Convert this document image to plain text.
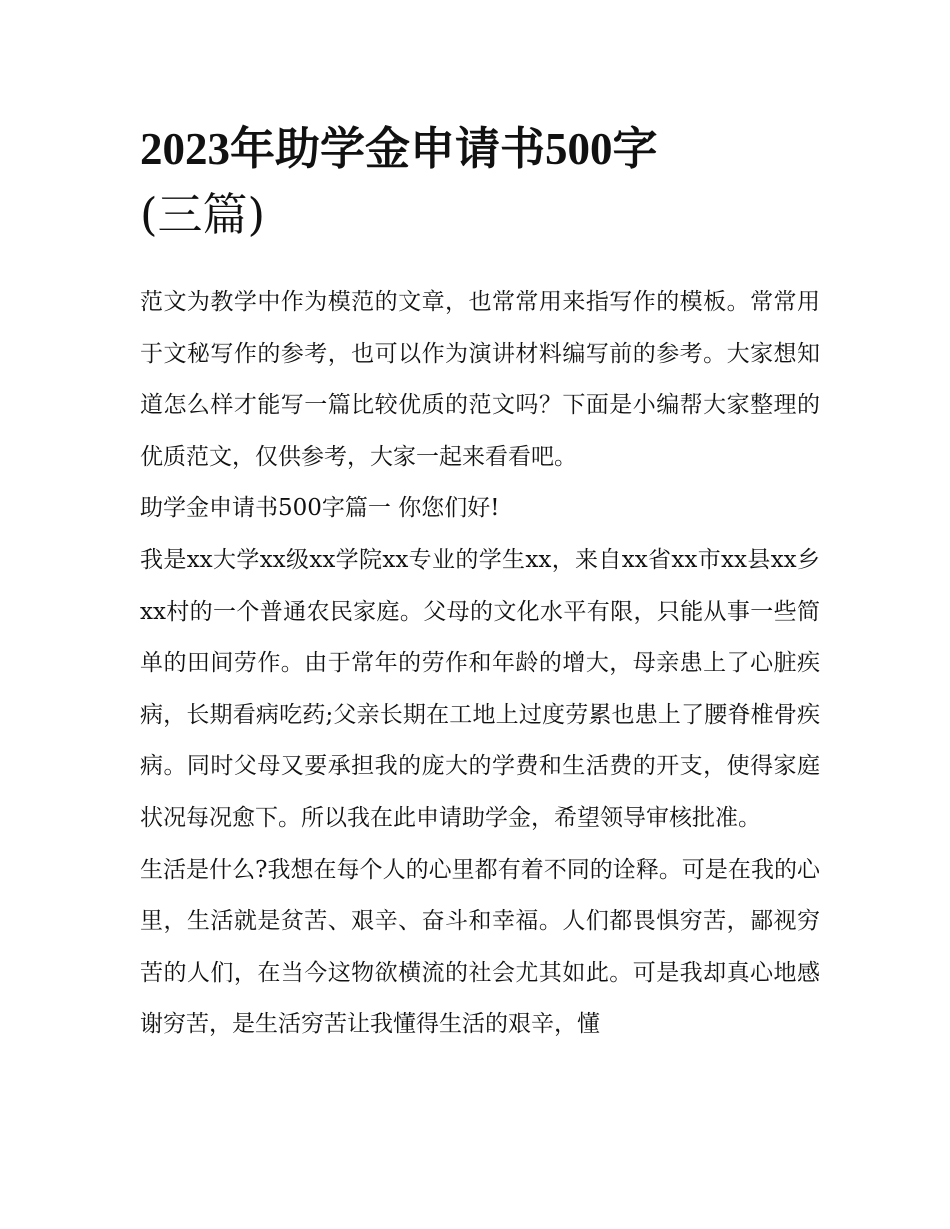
2023年助学金申请书500字
(三篇)

范文为教学中作为模范的文章，也常常用来指写作的模板。常常用于文秘写作的参考，也可以作为演讲材料编写前的参考。大家想知道怎么样才能写一篇比较优质的范文吗？下面是小编帮大家整理的优质范文，仅供参考，大家一起来看看吧。

助学金申请书500字篇一 你您们好!

我是xx大学xx级xx学院xx专业的学生xx，来自xx省xx市xx县xx乡xx村的一个普通农民家庭。父母的文化水平有限，只能从事一些简单的田间劳作。由于常年的劳作和年龄的增大，母亲患上了心脏疾病，长期看病吃药;父亲长期在工地上过度劳累也患上了腰脊椎骨疾病。同时父母又要承担我的庞大的学费和生活费的开支，使得家庭状况每况愈下。所以我在此申请助学金，希望领导审核批准。

生活是什么?我想在每个人的心里都有着不同的诠释。可是在我的心里，生活就是贫苦、艰辛、奋斗和幸福。人们都畏惧穷苦，鄙视穷苦的人们，在当今这物欲横流的社会尤其如此。可是我却真心地感谢穷苦，是生活穷苦让我懂得生活的艰辛，懂
